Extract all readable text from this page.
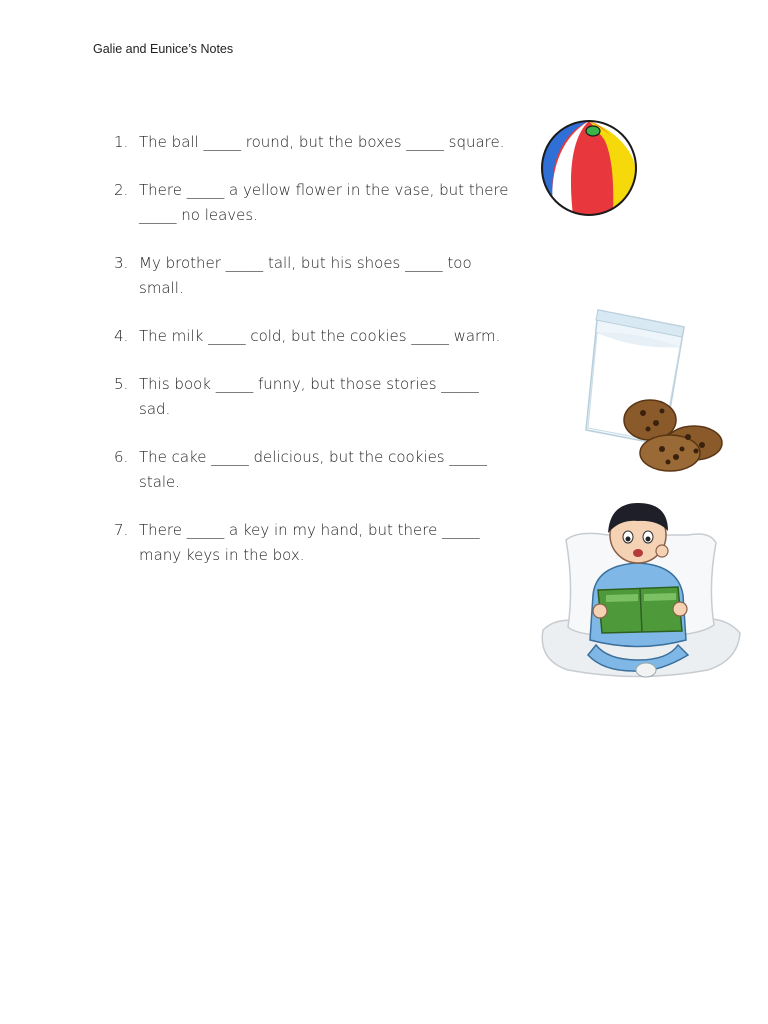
Galie and Eunice’s Notes
1. The ball _____ round, but the boxes _____ square.
2. There _____ a yellow flower in the vase, but there _____ no leaves.
3. My brother _____ tall, but his shoes _____ too small.
4. The milk _____ cold, but the cookies _____ warm.
5. This book _____ funny, but those stories _____ sad.
6. The cake _____ delicious, but the cookies _____ stale.
7. There _____ a key in my hand, but there _____ many keys in the box.
